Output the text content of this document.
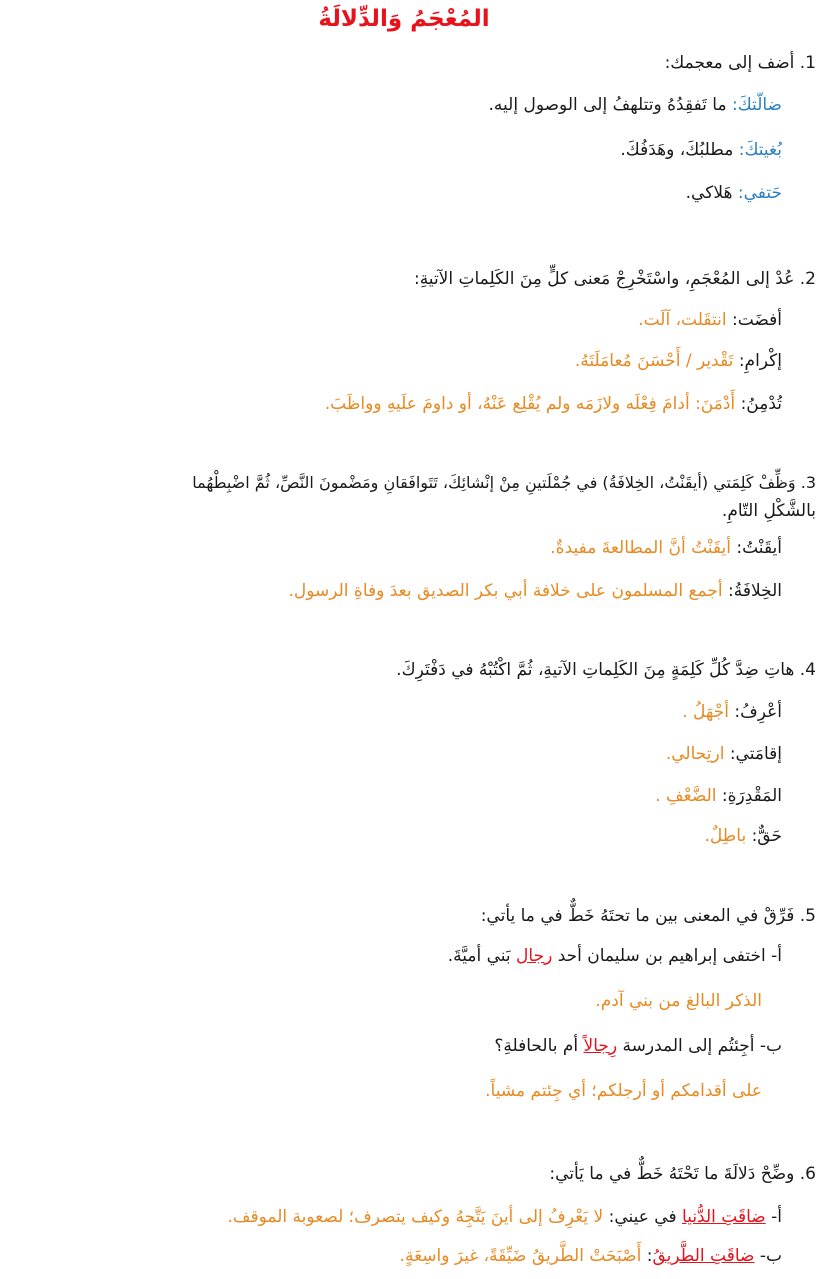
المُعْجَمُ وَالدِّلالَةُ
1. أضف إلى معجمك:
ضالّتكَ: ما تَفقِدُهُ وتتلهفُ إلى الوصول إليه.
بُغيتكَ: مطلبُكَ، وهَدَفُكَ.
حَتفي: هَلاكي.
2. عُدْ إلى المُعْجَمِ، واسْتَخْرِجْ مَعنى كلٍّ مِنَ الكَلِماتِ الآتيةِ:
أفضَت: انتقَلت، آلَت.
إكْرامِ: تَقْدير / أَحْسَنَ مُعامَلَتَهُ.
تُدْمِنُ: أَدْمَنَ: أدامَ فِعْلَه ولازَمَه ولم يُقْلِع عَنْهُ، أو داومَ علَيهِ وواظَبَ.
3. وَظِّفْ كَلِمَتي (أيقَنْتُ، الخِلافَةُ) في جُمْلَتينِ مِنْ إنْشائِكَ، تَتَوافَقانِ ومَضْمونَ النَّصِّ، ثُمَّ اضْبِطْهُما
بالشَّكْلِ التّامِ.
أيقَنْتُ: أيقَنْتُ أنَّ المطالعةَ مفيدةٌ.
الخِلافَةُ: أجمع المسلمون على خلافة أبي بكر الصديق بعدَ وفاةِ الرسول.
4. هاتِ ضِدَّ كُلِّ كَلِمَةٍ مِنَ الكَلِماتِ الآتيةِ، ثُمَّ اكْتُبْهُ في دَفْتَرِكَ.
أعْرِفُ: أجْهَلُ .
إقامَتي: ارتِحالي.
المَقْدِرَةِ: الضَّعْفِ .
حَقٌّ: باطِلٌ.
5. فَرِّقْ في المعنى بين ما تحتَهُ خَطٌّ في ما يأتي:
أ- اختفى إبراهيم بن سليمان أحد رجال بَني أميَّةَ.
الذكر البالغ من بني آدم.
ب- أجِئتُم إلى المدرسة رِجالاً أم بالحافلةِ؟
على أقدامكم أو أرجلكم؛ أي جِئتم مشياً.
6. وضِّحْ دَلالَةَ ما تَحْتَهُ خَطٌّ في ما يَأتي:
أ- ضاقَتِ الدُّنيا في عيني: لا يَعْرِفُ إلى أينَ يَتَّجِهُ وكيف يتصرف؛ لصعوبة الموقف.
ب- ضاقَتِ الطَّريقُ: أَصْبَحَتْ الطَّريقُ ضَيِّقَةً، غيرَ واسِعَةٍ.
